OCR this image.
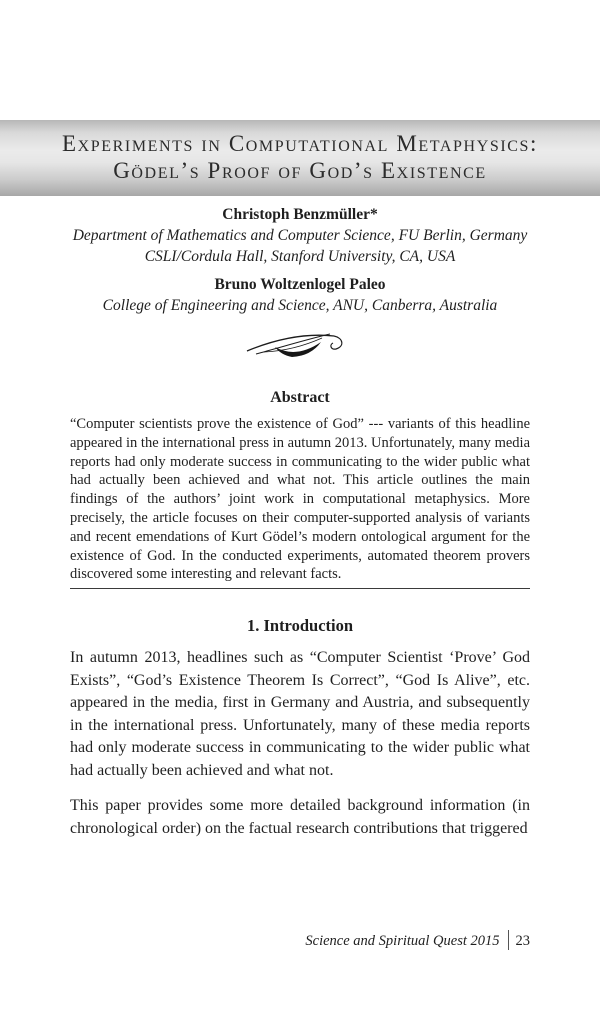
Experiments in Computational Metaphysics:
Gödel’s Proof of God’s Existence
Christoph Benzmüller*
Department of Mathematics and Computer Science, FU Berlin, Germany
CSLI/Cordula Hall, Stanford University, CA, USA
Bruno Woltzenlogel Paleo
College of Engineering and Science, ANU, Canberra, Australia
Abstract
“Computer scientists prove the existence of God” --- variants of this headline appeared in the international press in autumn 2013. Unfortunately, many media reports had only moderate success in communicating to the wider public what had actually been achieved and what not. This article outlines the main findings of the authors’ joint work in computational metaphysics. More precisely, the article focuses on their computer-supported analysis of variants and recent emendations of Kurt Gödel’s modern ontological argument for the existence of God. In the conducted experiments, automated theorem provers discovered some interesting and relevant facts.
1. Introduction
In autumn 2013, headlines such as “Computer Scientist ‘Prove’ God Exists”, “God’s Existence Theorem Is Correct”, “God Is Alive”, etc. appeared in the media, first in Germany and Austria, and subsequently in the international press. Unfortunately, many of these media reports had only moderate success in communicating to the wider public what had actually been achieved and what not.
This paper provides some more detailed background information (in chronological order) on the factual research contributions that triggered
Science and Spiritual Quest 2015 23
